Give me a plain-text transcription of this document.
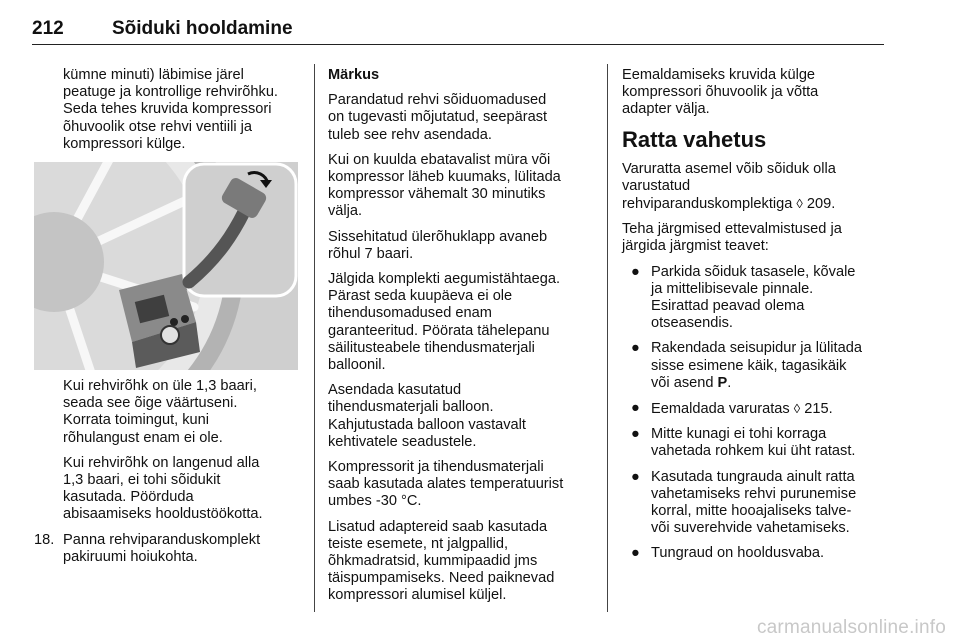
212	Sõiduki hooldamine

kümne minuti) läbimise järel
peatuge ja kontrollige rehvirõhku.
Seda tehes kruvida kompressori
õhuvoolik otse rehvi ventiili ja
kompressori külge.

Kui rehvirõhk on üle 1,3 baari,
seada see õige väärtuseni.
Korrata toimingut, kuni
rõhulangust enam ei ole.

Kui rehvirõhk on langenud alla
1,3 baari, ei tohi sõidukit
kasutada. Pöörduda
abisaamiseks hooldustöökotta.

18. Panna rehviparanduskomplekt
pakiruumi hoiukohta.

Märkus

Parandatud rehvi sõiduomadused
on tugevasti mõjutatud, seepärast
tuleb see rehv asendada.

Kui on kuulda ebatavalist müra või
kompressor läheb kuumaks, lülitada
kompressor vähemalt 30 minutiks
välja.

Sissehitatud ülerõhuklapp avaneb
rõhul 7 baari.

Jälgida komplekti aegumistähtaega.
Pärast seda kuupäeva ei ole
tihendusomadused enam
garanteeritud. Pöörata tähelepanu
säilitusteabele tihendusmaterjali
balloonil.

Asendada kasutatud
tihendusmaterjali balloon.
Kahjutustada balloon vastavalt
kehtivatele seadustele.

Kompressorit ja tihendusmaterjali
saab kasutada alates temperatuurist
umbes -30 °C.

Lisatud adaptereid saab kasutada
teiste esemete, nt jalgpallid,
õhkmadratsid, kummipaadid jms
täispumpamiseks. Need paiknevad
kompressori alumisel küljel.

Eemaldamiseks kruvida külge
kompressori õhuvoolik ja võtta
adapter välja.

Ratta vahetus

Varuratta asemel võib sõiduk olla
varustatud
rehviparanduskomplektiga ◊ 209.

Teha järgmised ettevalmistused ja
järgida järgmist teavet:

● Parkida sõiduk tasasele, kõvale
ja mittelibisevale pinnale.
Esirattad peavad olema
otseasendis.
● Rakendada seisupidur ja lülitada
sisse esimene käik, tagasikäik
või asend P.
● Eemaldada varuratas ◊ 215.
● Mitte kunagi ei tohi korraga
vahetada rohkem kui üht ratast.
● Kasutada tungrauda ainult ratta
vahetamiseks rehvi purunemise
korral, mitte hooajaliseks talve-
või suverehvide vahetamiseks.
● Tungraud on hooldusvaba.
carmanualsonline.info
